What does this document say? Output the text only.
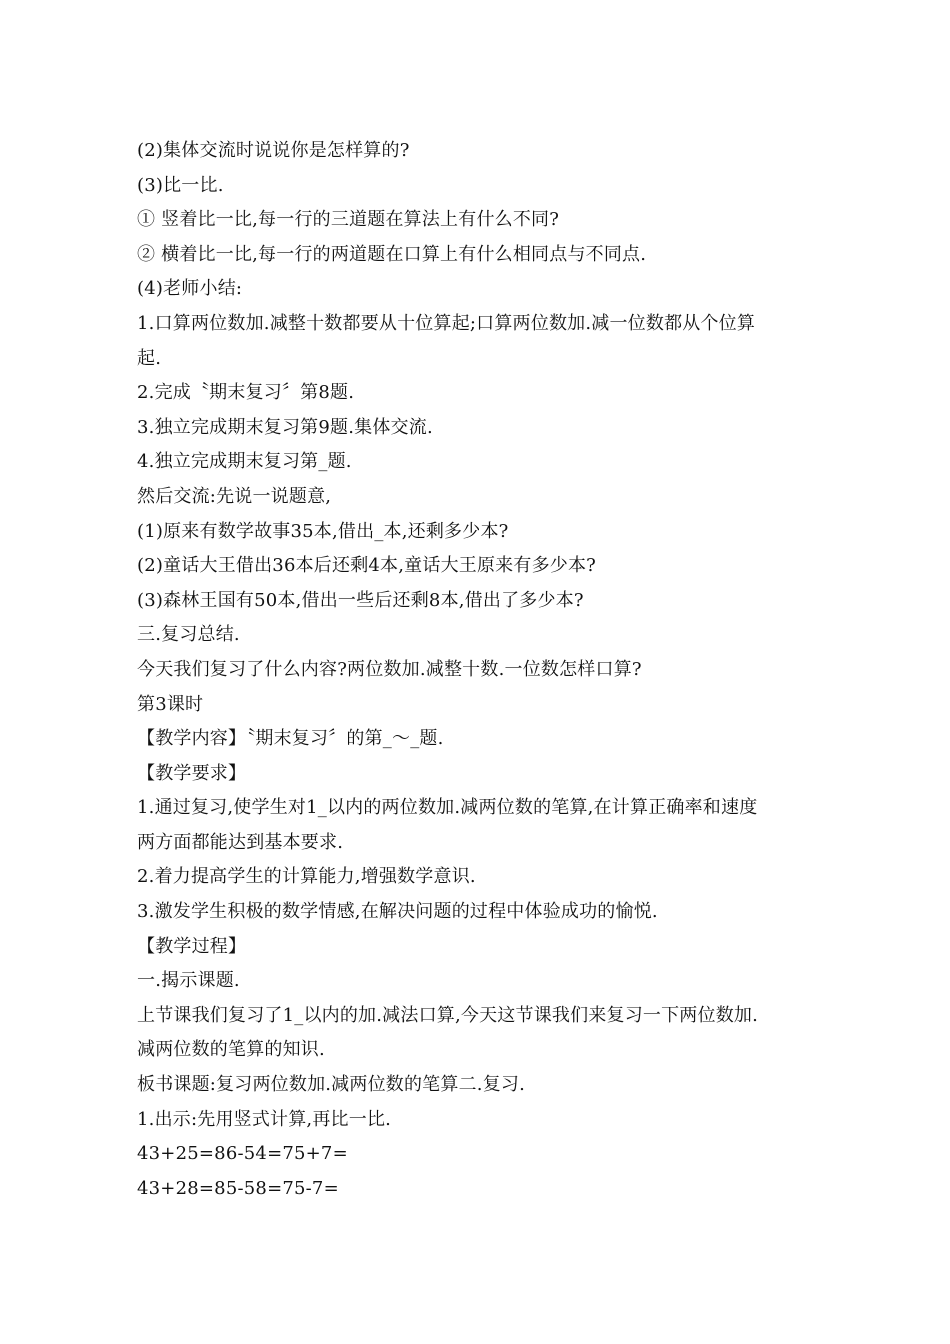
(2)集体交流时说说你是怎样算的?
(3)比一比.
① 竖着比一比,每一行的三道题在算法上有什么不同?
② 横着比一比,每一行的两道题在口算上有什么相同点与不同点.
(4)老师小结:
1.口算两位数加.减整十数都要从十位算起;口算两位数加.减一位数都从个位算
起.
2.完成〝期末复习〞第8题.
3.独立完成期末复习第9题.集体交流.
4.独立完成期末复习第_题.
然后交流:先说一说题意,
(1)原来有数学故事35本,借出_本,还剩多少本?
(2)童话大王借出36本后还剩4本,童话大王原来有多少本?
(3)森林王国有50本,借出一些后还剩8本,借出了多少本?
三.复习总结.
今天我们复习了什么内容?两位数加.减整十数.一位数怎样口算?
第3课时
【教学内容】〝期末复习〞的第_～_题.
【教学要求】
1.通过复习,使学生对1_以内的两位数加.减两位数的笔算,在计算正确率和速度
两方面都能达到基本要求.
2.着力提高学生的计算能力,增强数学意识.
3.激发学生积极的数学情感,在解决问题的过程中体验成功的愉悦.
【教学过程】
一.揭示课题.
上节课我们复习了1_以内的加.减法口算,今天这节课我们来复习一下两位数加.
减两位数的笔算的知识.
板书课题:复习两位数加.减两位数的笔算二.复习.
1.出示:先用竖式计算,再比一比.
43+25=86-54=75+7=
43+28=85-58=75-7=
